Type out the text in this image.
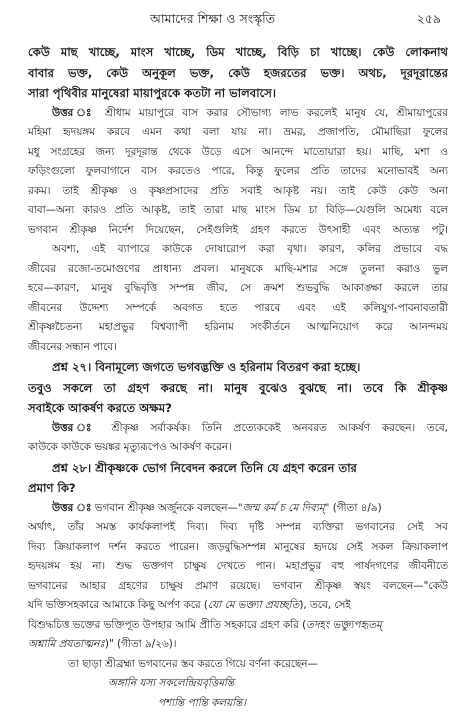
আমাদের শিক্ষা ও সংস্কৃতি	২৫৯
কেউ মাছ খাচ্ছে, মাংস খাচ্ছে, ডিম খাচ্ছে, বিড়ি চা খাচ্ছে। কেউ লোকনাথ
বাবার ভক্ত, কেউ অনুকূল ভক্ত, কেউ হজরতের ভক্ত। অথচ, দূরদূরান্তের
সারা পৃথিবীর মানুষেরা মায়াপুরকে কতটা না ভালবাসে।
উত্তর ঃ শ্রীধাম মায়াপুরে বাস করার সৌভাগ্য লাভ করলেই মানুষ যে, শ্রীমায়াপুরের
মহিমা হৃদয়ঙ্গম করবে এমন কথা বলা যায় না। ভ্রমর, প্রজাপতি, মৌমাছিরা ফুলের
মধু সংগ্রহের জন্য দূরদূরান্ত থেকে উড়ে এসে আনন্দে মাতোয়ারা হয়। মাছি, মশা ও
ফড়িংগুলো ফুলবাগানে বাস করতেও পারে, কিন্তু ফুলের প্রতি তাদের মনোভাবই অন্য
রকম। তাই শ্রীকৃষ্ণ ও কৃষ্ণপ্রসাদের প্রতি সবাই আকৃষ্ট নয়। তাই কেউ কেউ অনা
বাবা—অন্য কারও প্রতি আকৃষ্ট, তাই তারা মাছ মাংস ডিম চা বিড়ি—যেগুলি অমেধ্য বলে
ভগবান শ্রীকৃষ্ণ নির্দেশ দিয়েছেন, সেইগুলিই গ্রহণ করতে উৎসাহী এবং অত্যন্ত পটু।
অবশ্য, এই ব্যাপারে কাউকে দোষারোপ করা বৃথা। কারণ, কলির প্রভাবে বদ্ধ
জীবের রজো-তমোগুণের প্রাধান্য প্রবল। মানুষকে মাছি-মশার সঙ্গে তুলনা করাও ভুল
হবে—কারণ, মানুষ বুদ্ধিবৃত্তি সম্পন্ন জীব, সে ক্রমশ শুভবুদ্ধি আকাঙ্ক্ষা করলে তার
জীবনের উদ্দেশ্য সম্পর্কে অবগত হতে পারবে এবং এই কলিযুগ-পাবনাবতারী
শ্রীকৃষ্ণচৈতন্য মহাপ্রভুর বিশ্বব্যাপী হরিনাম সংকীর্তনে আত্মনিয়োগ করে আনন্দময়
জীবনের সন্ধান পাবে।
প্রশ্ন ২৭। বিনামূল্যে জগতে ভগবদ্ভক্তি ও হরিনাম বিতরণ করা হচ্ছে।
তবুও সকলে তা গ্রহণ করছে না। মানুষ বুঝেও বুঝছে না। তবে কি শ্রীকৃষ্ণ
সবাইকে আকর্ষণ করতে অক্ষম?
উত্তর ঃ শ্রীকৃষ্ণ সর্বাকর্ষক। তিনি প্রত্যেককেই অনবরত আকর্ষণ করছেন। তবে,
কাউকে কাউকে ভয়ঙ্কর মৃত্যুরূপেও আকর্ষণ করেন।
প্রশ্ন ২৮। শ্রীকৃষ্ণকে ভোগ নিবেদন করলে তিনি যে গ্রহণ করেন তার
প্রমাণ কি?
উত্তর ঃ ভগবান শ্রীকৃষ্ণ অর্জুনকে বলছেন—"জন্ম কর্ম চ মে দিব্যম্" (গীতা ৪/৯)
অর্থাৎ, তাঁর সমস্ত কার্যকলাপই দিব্য। দিব্য দৃষ্টি সম্পন্ন ব্যক্তিরা ভগবানের সেই সব
দিব্য ক্রিয়াকলাপ দর্শন করতে পারেন। জড়বুদ্ধিসম্পন্ন মানুষের হৃদয়ে সেই সকল ক্রিয়াকলাপ
হৃদয়ঙ্গম হয় না। শুদ্ধ ভক্তগণ চাক্ষুষ দেখতে পান। মহাপ্রভুর বহু পার্ষদগণের জীবনীতে
ভগবানের আহার গ্রহণের চাক্ষুষ প্রমাণ রয়েছে। ভগবান শ্রীকৃষ্ণ স্বয়ং বলছেন—"কেউ
যদি ভক্তিসহকারে আমাকে কিছু অর্পণ করে (যো মে ভক্ত্যা প্রযচ্ছতি), তবে, সেই
বিশুদ্ধচিত্ত ভক্তের ভক্তিপূত উপহার আমি প্রীতি সহকারে গ্রহণ করি (তদহং ভক্ত্যুপহৃতম্
অশ্নামি প্রযতাত্মনঃ)" (গীতা ৯/২৬)।
তা ছাড়া শ্রীব্রহ্মা ভগবানের স্তব করতে গিয়ে বর্ণনা করেছেন—
অঙ্গানি যস্য সকলেন্দ্রিয়বৃত্তিমন্তি
পশ্যন্তি পান্তি কলয়ন্তি।
